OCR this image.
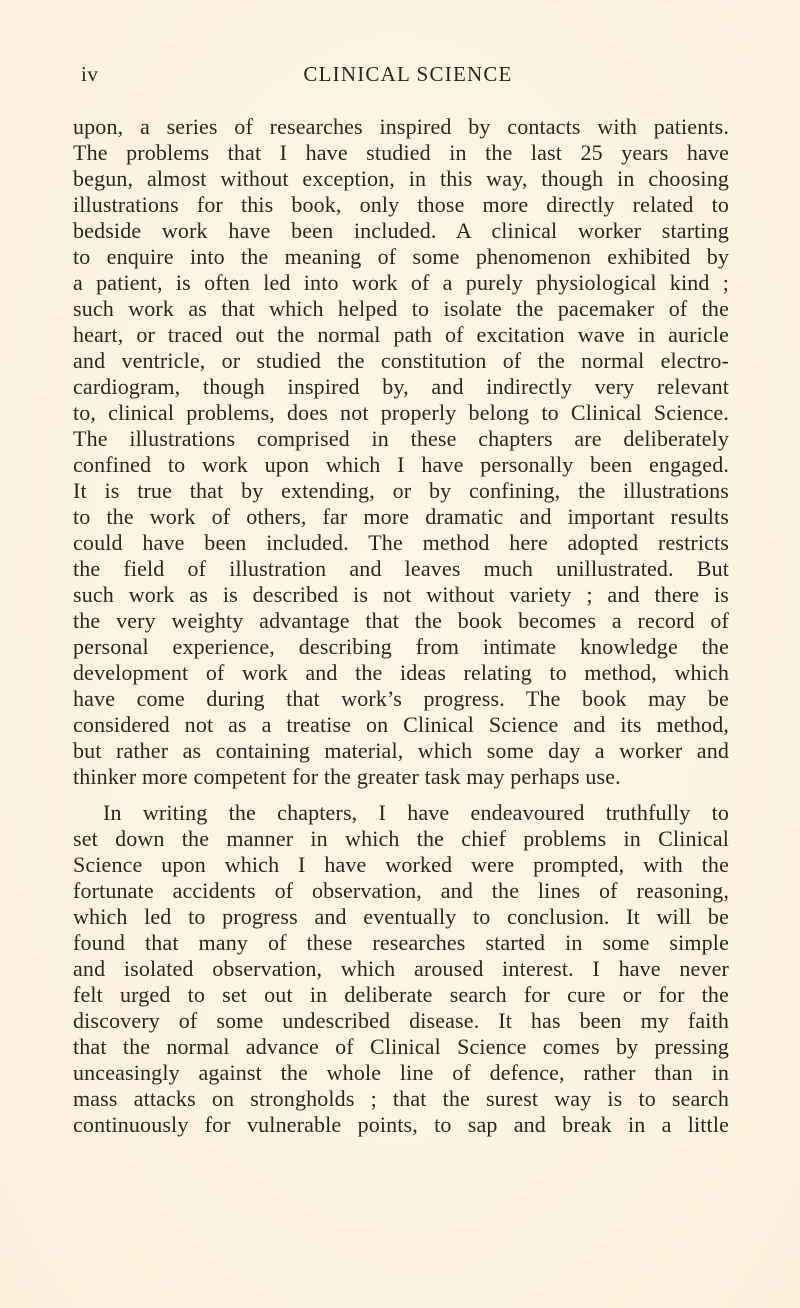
iv	CLINICAL SCIENCE
upon, a series of researches inspired by contacts with patients.
The problems that I have studied in the last 25 years have
begun, almost without exception, in this way, though in choosing
illustrations for this book, only those more directly related to
bedside work have been included. A clinical worker starting
to enquire into the meaning of some phenomenon exhibited by
a patient, is often led into work of a purely physiological kind ;
such work as that which helped to isolate the pacemaker of the
heart, or traced out the normal path of excitation wave in auricle
and ventricle, or studied the constitution of the normal electro-
cardiogram, though inspired by, and indirectly very relevant
to, clinical problems, does not properly belong to Clinical Science.
The illustrations comprised in these chapters are deliberately
confined to work upon which I have personally been engaged.
It is true that by extending, or by confining, the illustrations
to the work of others, far more dramatic and important results
could have been included. The method here adopted restricts
the field of illustration and leaves much unillustrated. But
such work as is described is not without variety ; and there is
the very weighty advantage that the book becomes a record of
personal experience, describing from intimate knowledge the
development of work and the ideas relating to method, which
have come during that work’s progress. The book may be
considered not as a treatise on Clinical Science and its method,
but rather as containing material, which some day a worker and
thinker more competent for the greater task may perhaps use.
In writing the chapters, I have endeavoured truthfully to
set down the manner in which the chief problems in Clinical
Science upon which I have worked were prompted, with the
fortunate accidents of observation, and the lines of reasoning,
which led to progress and eventually to conclusion. It will be
found that many of these researches started in some simple
and isolated observation, which aroused interest. I have never
felt urged to set out in deliberate search for cure or for the
discovery of some undescribed disease. It has been my faith
that the normal advance of Clinical Science comes by pressing
unceasingly against the whole line of defence, rather than in
mass attacks on strongholds ; that the surest way is to search
continuously for vulnerable points, to sap and break in a little
